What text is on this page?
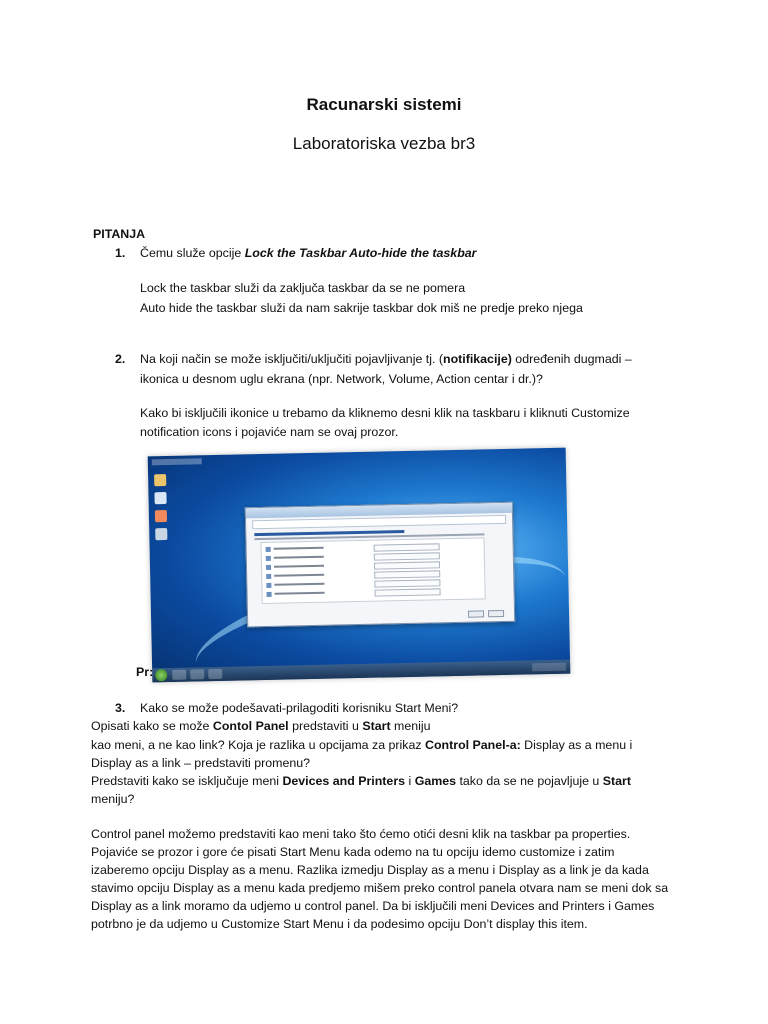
Racunarski sistemi
Laboratoriska vezba br3
PITANJA
1. Čemu služe opcije Lock the Taskbar Auto-hide the taskbar
Lock the taskbar služi da zaključa taskbar da se ne pomera
Auto hide the taskbar služi da nam sakrije taskbar dok miš ne predje preko njega
2. Na koji način se može isključiti/uključiti pojavljivanje tj. (notifikacije) određenih dugmadi –
ikonica u desnom uglu ekrana (npr. Network, Volume, Action centar i dr.)?
Kako bi isključili ikonice u trebamo da kliknemo desni klik na taskbaru i kliknuti Customize
notification icons i pojaviće nam se ovaj prozor.
Pr:
3. Kako se može podešavati-prilagoditi korisniku Start Meni?
Opisati kako se može Contol Panel predstaviti u Start meniju
kao meni, a ne kao link? Koja je razlika u opcijama za prikaz Control Panel-a: Display as a menu i
Display as a link – predstaviti promenu?
Predstaviti kako se isključuje meni Devices and Printers i Games tako da se ne pojavljuje u Start
meniju?
Control panel možemo predstaviti kao meni tako što ćemo otići desni klik na taskbar pa properties.
Pojaviće se prozor i gore će pisati Start Menu kada odemo na tu opciju idemo customize i zatim
izaberemo opciju Display as a menu. Razlika izmedju Display as a menu i Display as a link je da kada
stavimo opciju Display as a menu kada predjemo mišem preko control panela otvara nam se meni dok sa
Display as a link moramo da udjemo u control panel. Da bi isključili meni Devices and Printers i Games
potrbno je da udjemo u Customize Start Menu i da podesimo opciju Don’t display this item.
